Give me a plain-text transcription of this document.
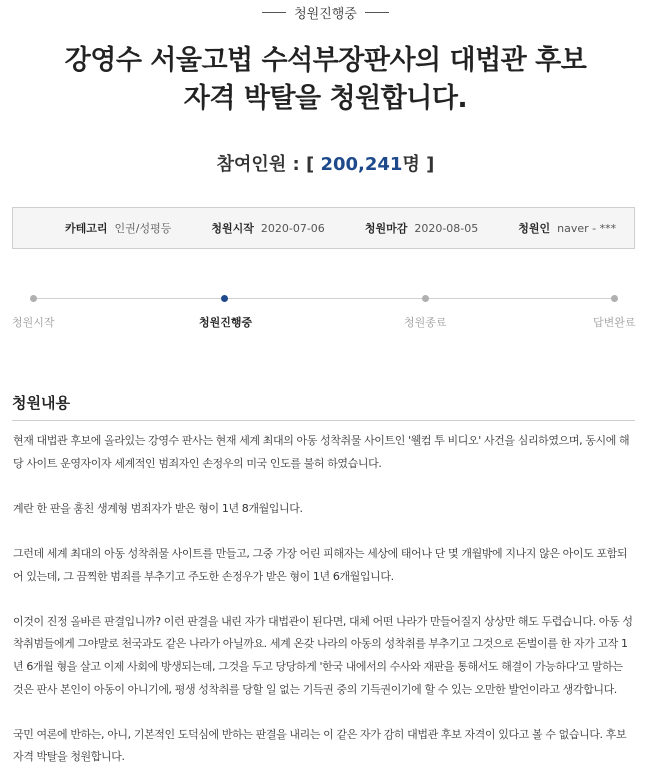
청원진행중
강영수 서울고법 수석부장판사의 대법관 후보
자격 박탈을 청원합니다.
참여인원 : [ 200,241명 ]
카테고리 인권/성평등	청원시작 2020-07-06	청원마감 2020-08-05	청원인 naver - ***
청원시작	청원진행중	청원종료	답변완료
청원내용

현재 대법관 후보에 올라있는 강영수 판사는 현재 세계 최대의 아동 성착취물 사이트인 '웰컴 투 비디오' 사건을 심리하였으며, 동시에 해당 사이트 운영자이자 세계적인 범죄자인 손정우의 미국 인도를 불허 하였습니다.

계란 한 판을 훔친 생계형 범죄자가 받은 형이 1년 8개월입니다.

그런데 세계 최대의 아동 성착취물 사이트를 만들고, 그중 가장 어린 피해자는 세상에 태어나 단 몇 개월밖에 지나지 않은 아이도 포함되어 있는데, 그 끔찍한 범죄를 부추기고 주도한 손정우가 받은 형이 1년 6개월입니다.

이것이 진정 올바른 판결입니까? 이런 판결을 내린 자가 대법관이 된다면, 대체 어떤 나라가 만들어질지 상상만 해도 두렵습니다. 아동 성착취범들에게 그야말로 천국과도 같은 나라가 아닐까요. 세계 온갖 나라의 아동의 성착취를 부추기고 그것으로 돈벌이를 한 자가 고작 1년 6개월 형을 살고 이제 사회에 방생되는데, 그것을 두고 당당하게 '한국 내에서의 수사와 재판을 통해서도 해결이 가능하다'고 말하는 것은 판사 본인이 아동이 아니기에, 평생 성착취를 당할 일 없는 기득권 중의 기득권이기에 할 수 있는 오만한 발언이라고 생각합니다.

국민 여론에 반하는, 아니, 기본적인 도덕심에 반하는 판결을 내리는 이 같은 자가 감히 대법관 후보 자격이 있다고 볼 수 없습니다. 후보 자격 박탈을 청원합니다.
